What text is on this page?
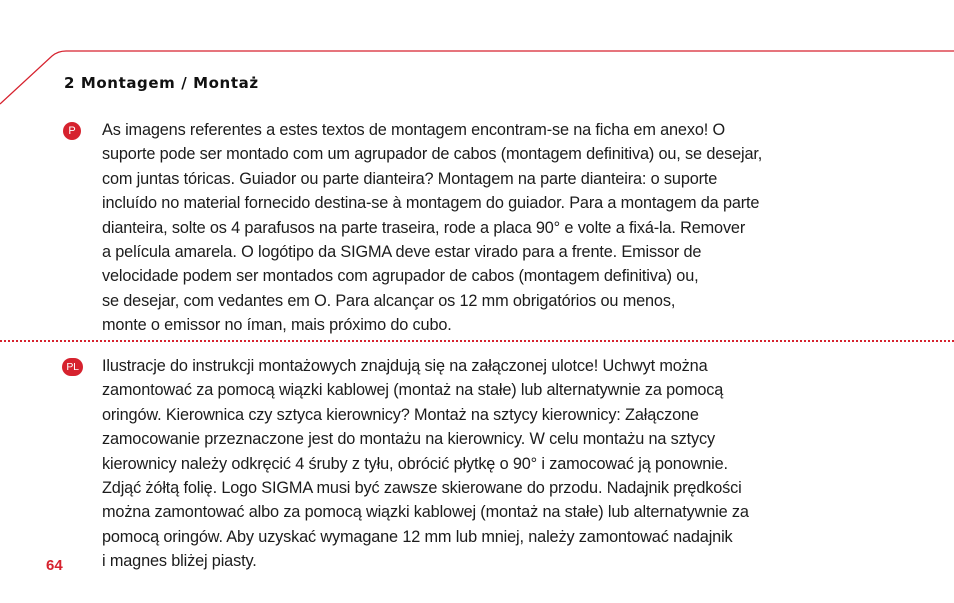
2 Montagem / Montaż
P	As imagens referentes a estes textos de montagem encontram-se na ficha em anexo! O
suporte pode ser montado com um agrupador de cabos (montagem definitiva) ou, se desejar,
com juntas tóricas. Guiador ou parte dianteira? Montagem na parte dianteira: o suporte
incluído no material fornecido destina-se à montagem do guiador. Para a montagem da parte
dianteira, solte os 4 parafusos na parte traseira, rode a placa 90° e volte a fixá-la. Remover
a película amarela. O logótipo da SIGMA deve estar virado para a frente. Emissor de
velocidade podem ser montados com agrupador de cabos (montagem definitiva) ou,
se desejar, com vedantes em O. Para alcançar os 12 mm obrigatórios ou menos,
monte o emissor no íman, mais próximo do cubo.

PL Ilustracje do instrukcji montażowych znajdują się na załączonej ulotce! Uchwyt można
zamontować za pomocą wiązki kablowej (montaż na stałe) lub alternatywnie za pomocą
oringów. Kierownica czy sztyca kierownicy? Montaż na sztycy kierownicy: Załączone
zamocowanie przeznaczone jest do montażu na kierownicy. W celu montażu na sztycy
kierownicy należy odkręcić 4 śruby z tyłu, obrócić płytkę o 90° i zamocować ją ponownie.
Zdjąć żółtą folię. Logo SIGMA musi być zawsze skierowane do przodu. Nadajnik prędkości
można zamontować albo za pomocą wiązki kablowej (montaż na stałe) lub alternatywnie za
pomocą oringów. Aby uzyskać wymagane 12 mm lub mniej, należy zamontować nadajnik
i magnes bliżej piasty.

64
